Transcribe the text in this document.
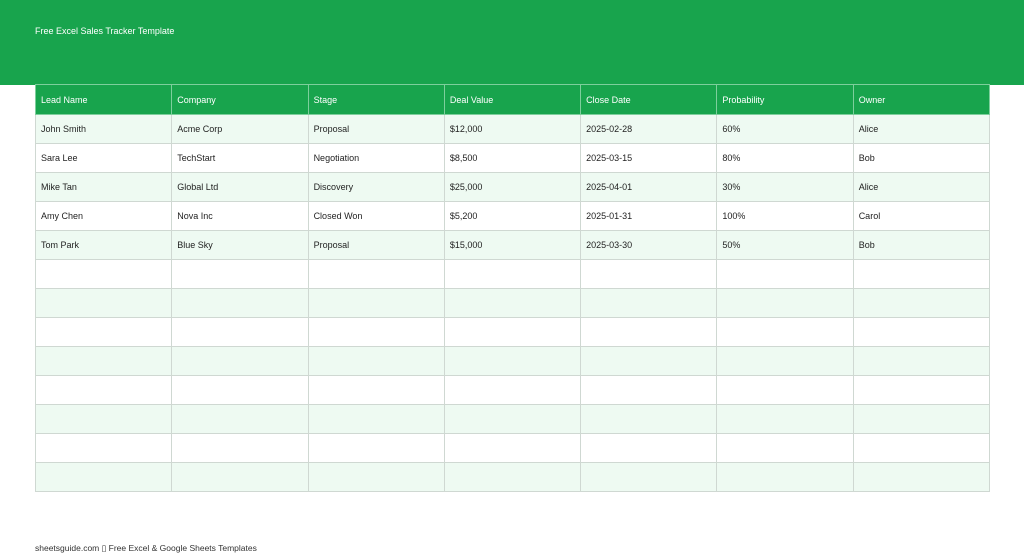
Free Excel Sales Tracker Template
Lead Name	Company	Stage	Deal Value	Close Date	Probability	Owner
John Smith	Acme Corp	Proposal	$12,000	2025-02-28	60%	Alice
Sara Lee	TechStart	Negotiation	$8,500	2025-03-15	80%	Bob
Mike Tan	Global Ltd	Discovery	$25,000	2025-04-01	30%	Alice
Amy Chen	Nova Inc	Closed Won	$5,200	2025-01-31	100%	Carol
Tom Park	Blue Sky	Proposal	$15,000	2025-03-30	50%	Bob

sheetsguide.com ▯ Free Excel & Google Sheets Templates
